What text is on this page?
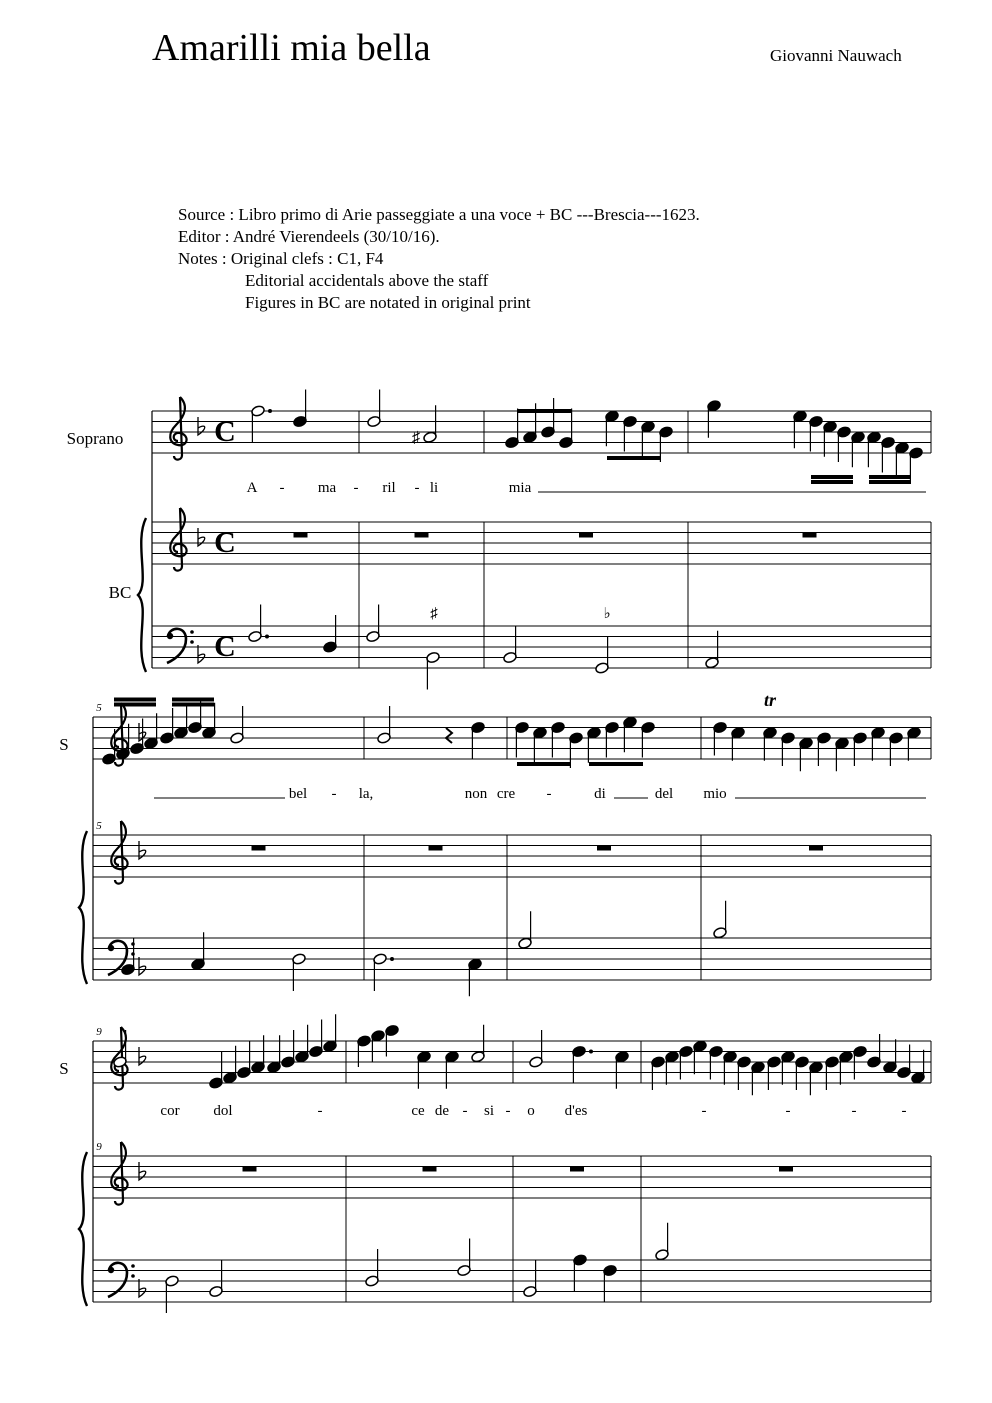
Amarilli mia bella	Giovanni Nauwach
Source : Libro primo di Arie passeggiate a una voce + BC ---Brescia---1623.
Editor : André Vierendeels (30/10/16).
Notes : Original clefs : C1, F4
Editorial accidentals above the staff
Figures in BC are notated in original print
Soprano
BC
C
C
C
S
5
5
S
9
9
♯
tr
♯	♭
A - ma - ril - li	mia
bel - la,	non cre -	di	del mio
cor dol	-	ce de - si - o d'es	-	-	-	-
